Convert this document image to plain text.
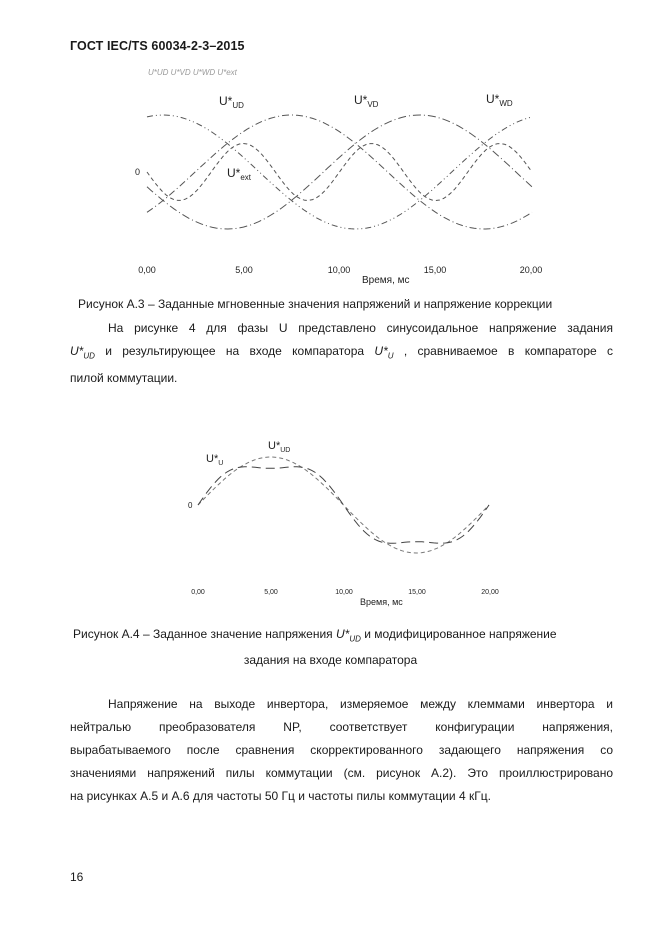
ГОСТ IEC/TS 60034-2-3–2015
U*UD U*VD U*WD U*ext
0
$U*_{UD}$	$U*_{VD}$	$U*_{WD}$
$U*_{ext}$
0,00	5,00	10,00	15,00	20,00
Время, мс
Рисунок А.3 – Заданные мгновенные значения напряжений и напряжение коррекции
На рисунке 4 для фазы U представлено синусоидальное напряжение задания
$U*_{UD}$ и результирующее на входе компаратора $U*_U$ , сравниваемое в компараторе с
пилой коммутации.
0
$U*_U$
$U*_{UD}$
0,00	5,00	10,00	15,00	20,00
Время, мс
Рисунок А.4 – Заданное значение напряжения $U*_{UD}$ и модифицированное напряжение
задания на входе компаратора
Напряжение на выходе инвертора, измеряемое между клеммами инвертора и
нейтралью преобразователя NP, соответствует конфигурации напряжения,
вырабатываемого после сравнения скорректированного задающего напряжения со
значениями напряжений пилы коммутации (см. рисунок А.2). Это проиллюстрировано
на рисунках А.5 и А.6 для частоты 50 Гц и частоты пилы коммутации 4 кГц.
16
